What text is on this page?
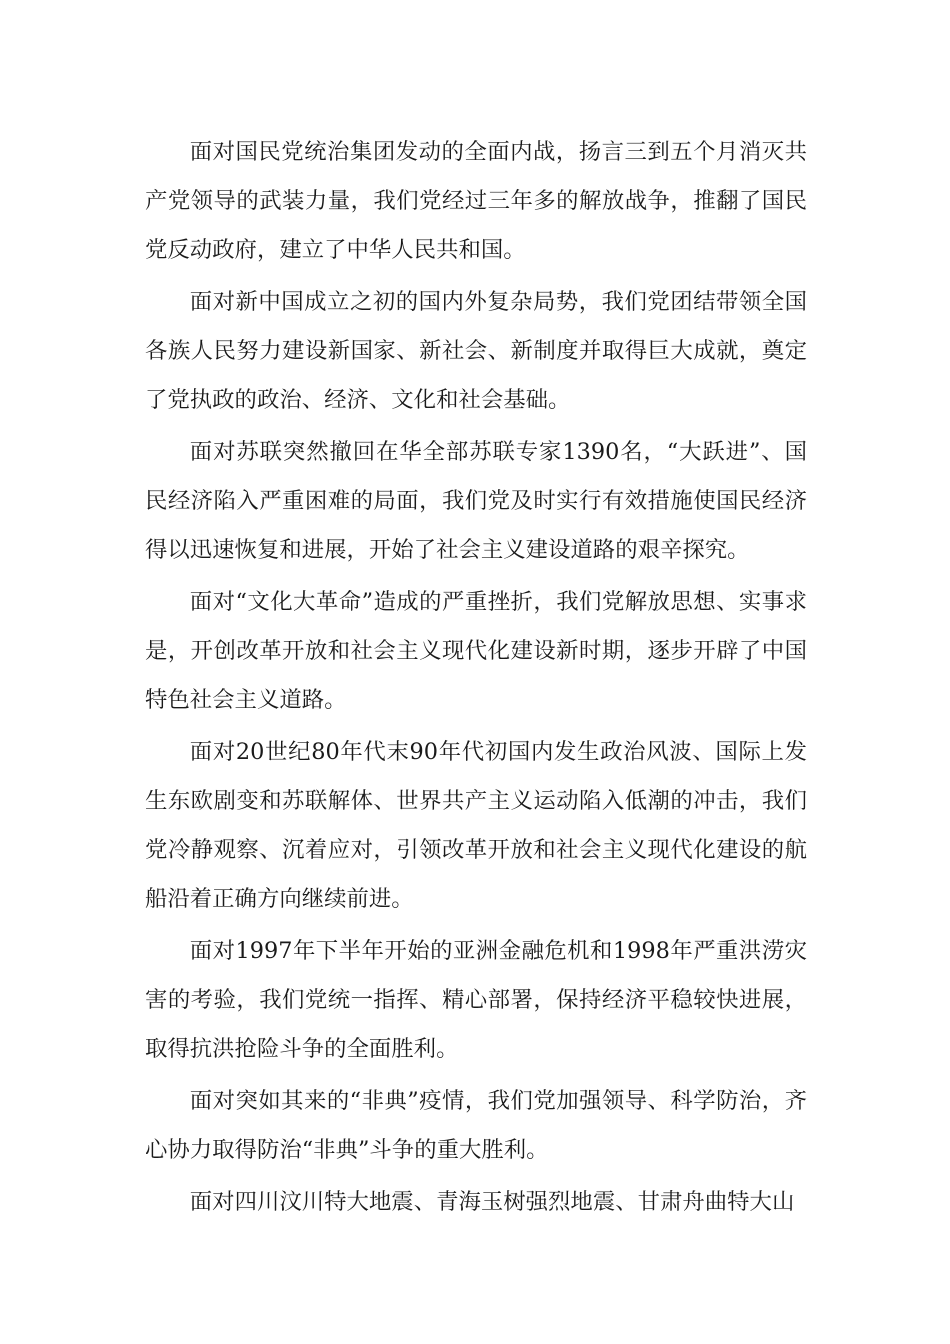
面对国民党统治集团发动的全面内战，扬言三到五个月消灭共产党领导的武装力量，我们党经过三年多的解放战争，推翻了国民党反动政府，建立了中华人民共和国。

面对新中国成立之初的国内外复杂局势，我们党团结带领全国各族人民努力建设新国家、新社会、新制度并取得巨大成就，奠定了党执政的政治、经济、文化和社会基础。

面对苏联突然撤回在华全部苏联专家1390名，“大跃进”、国民经济陷入严重困难的局面，我们党及时实行有效措施使国民经济得以迅速恢复和进展，开始了社会主义建设道路的艰辛探究。

面对“文化大革命”造成的严重挫折，我们党解放思想、实事求是，开创改革开放和社会主义现代化建设新时期，逐步开辟了中国特色社会主义道路。

面对20世纪80年代末90年代初国内发生政治风波、国际上发生东欧剧变和苏联解体、世界共产主义运动陷入低潮的冲击，我们党冷静观察、沉着应对，引领改革开放和社会主义现代化建设的航船沿着正确方向继续前进。

面对1997年下半年开始的亚洲金融危机和1998年严重洪涝灾害的考验，我们党统一指挥、精心部署，保持经济平稳较快进展，取得抗洪抢险斗争的全面胜利。

面对突如其来的“非典”疫情，我们党加强领导、科学防治，齐心协力取得防治“非典”斗争的重大胜利。

面对四川汶川特大地震、青海玉树强烈地震、甘肃舟曲特大山
